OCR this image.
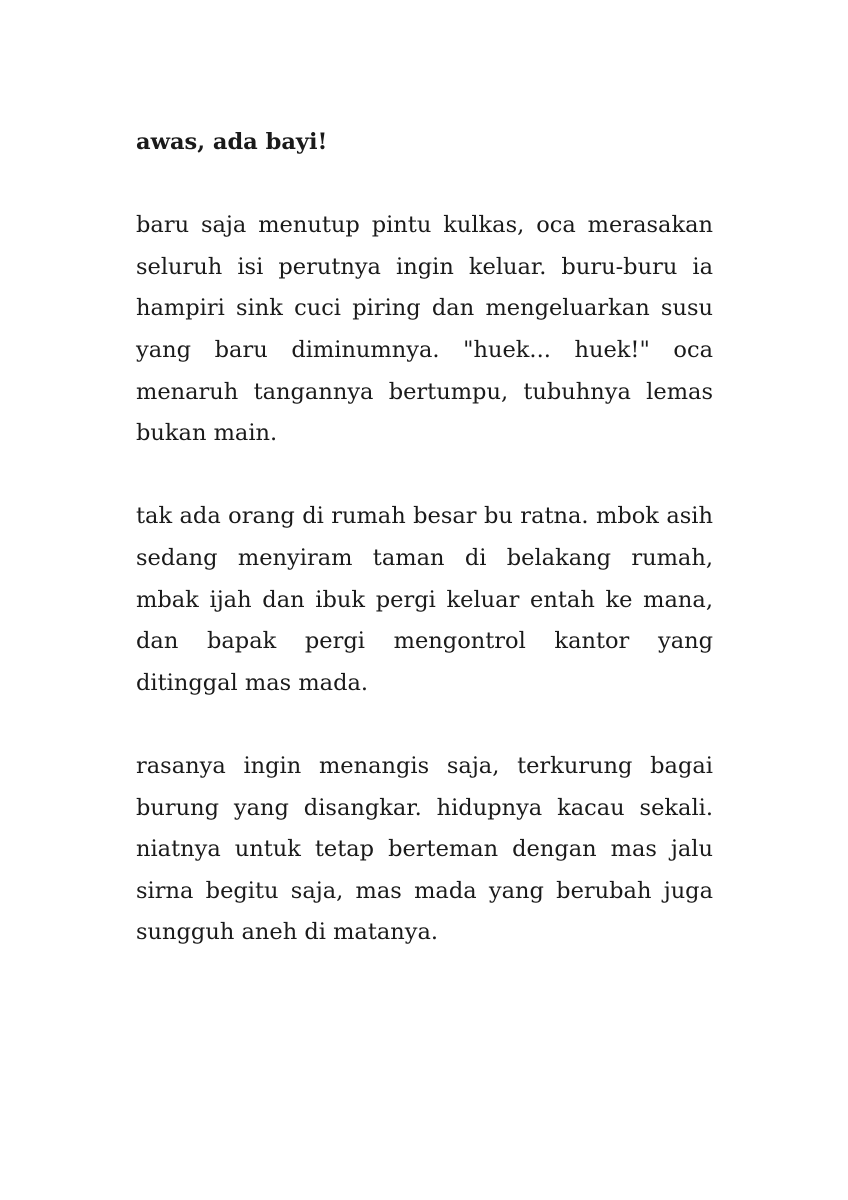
awas, ada bayi!

baru saja menutup pintu kulkas, oca merasakan seluruh isi perutnya ingin keluar. buru-buru ia hampiri sink cuci piring dan mengeluarkan susu yang baru diminumnya. "huek... huek!" oca menaruh tangannya bertumpu, tubuhnya lemas bukan main.

tak ada orang di rumah besar bu ratna. mbok asih sedang menyiram taman di belakang rumah, mbak ijah dan ibuk pergi keluar entah ke mana, dan bapak pergi mengontrol kantor yang ditinggal mas mada.

rasanya ingin menangis saja, terkurung bagai burung yang disangkar. hidupnya kacau sekali. niatnya untuk tetap berteman dengan mas jalu sirna begitu saja, mas mada yang berubah juga sungguh aneh di matanya.
